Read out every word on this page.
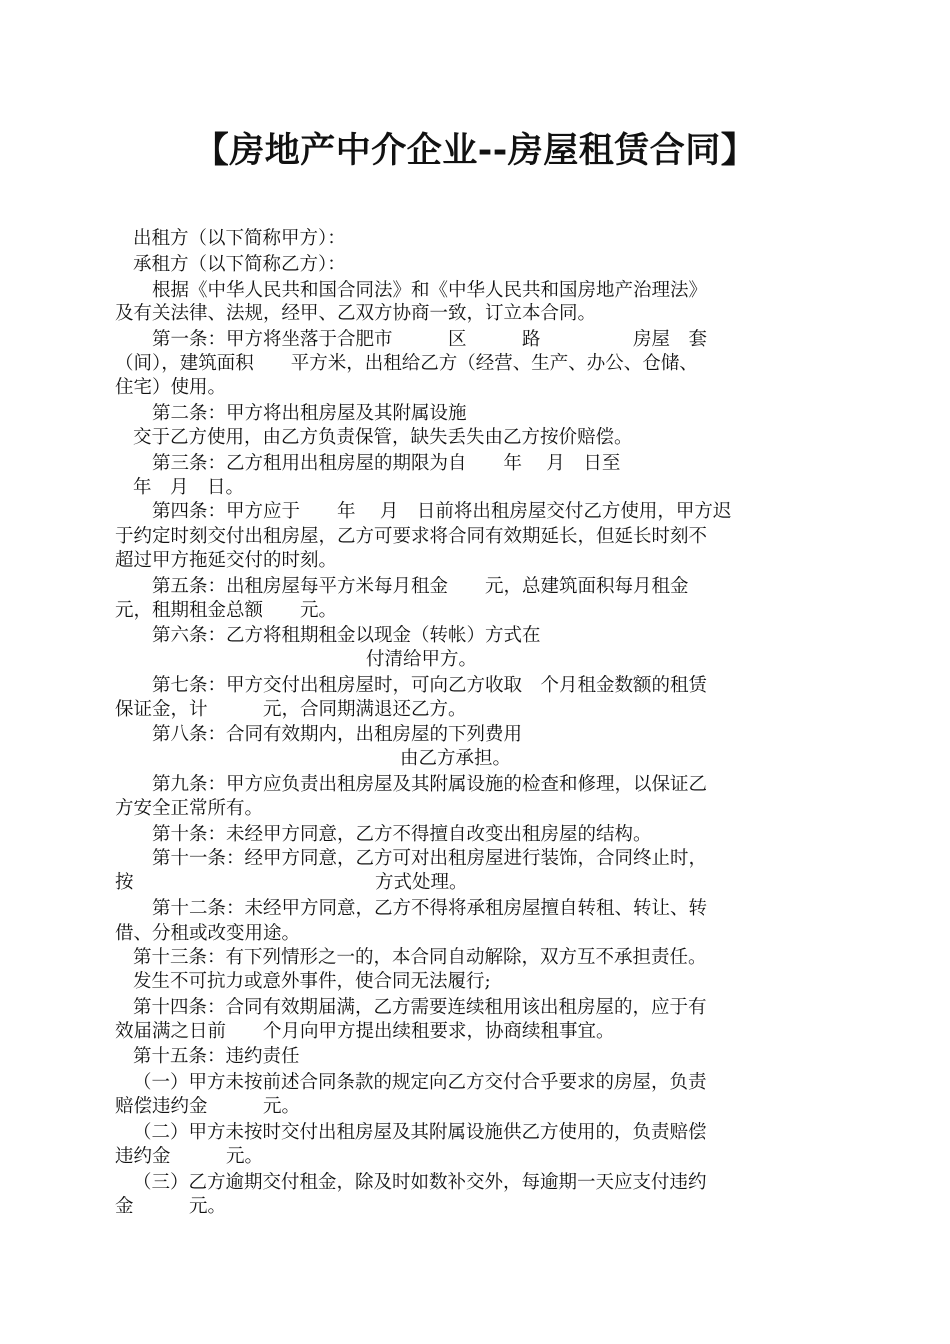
【房地产中介企业--房屋租赁合同】
出租方（以下简称甲方）：
承租方（以下简称乙方）：
根据《中华人民共和国合同法》和《中华人民共和国房地产治理法》
及有关法律、法规，经甲、乙双方协商一致，订立本合同。
第一条：甲方将坐落于合肥市　　　区　　　路　　　　　房屋　套
（间），建筑面积　　平方米，出租给乙方（经营、生产、办公、仓储、
住宅）使用。
第二条：甲方将出租房屋及其附属设施
交于乙方使用，由乙方负责保管，缺失丢失由乙方按价赔偿。
第三条：乙方租用出租房屋的期限为自　　年　 月　日至
年　月　日。
第四条：甲方应于　　年　 月　日前将出租房屋交付乙方使用，甲方迟
于约定时刻交付出租房屋，乙方可要求将合同有效期延长，但延长时刻不
超过甲方拖延交付的时刻。
第五条：出租房屋每平方米每月租金　　元，总建筑面积每月租金
元，租期租金总额　　元。
第六条：乙方将租期租金以现金（转帐）方式在
付清给甲方。
第七条：甲方交付出租房屋时，可向乙方收取　个月租金数额的租赁
保证金，计　　　元，合同期满退还乙方。
第八条：合同有效期内，出租房屋的下列费用
由乙方承担。
第九条：甲方应负责出租房屋及其附属设施的检查和修理，以保证乙
方安全正常所有。
第十条：未经甲方同意，乙方不得擅自改变出租房屋的结构。
第十一条：经甲方同意，乙方可对出租房屋进行装饰，合同终止时，
按	方式处理。
第十二条：未经甲方同意，乙方不得将承租房屋擅自转租、转让、转
借、分租或改变用途。
第十三条：有下列情形之一的，本合同自动解除，双方互不承担责任。
发生不可抗力或意外事件，使合同无法履行;
第十四条：合同有效期届满，乙方需要连续租用该出租房屋的，应于有
效届满之日前　　个月向甲方提出续租要求，协商续租事宜。
第十五条：违约责任
（一）甲方未按前述合同条款的规定向乙方交付合乎要求的房屋，负责
赔偿违约金　　　元。
（二）甲方未按时交付出租房屋及其附属设施供乙方使用的，负责赔偿
违约金　　　元。
（三）乙方逾期交付租金，除及时如数补交外，每逾期一天应支付违约
金　　　元。
